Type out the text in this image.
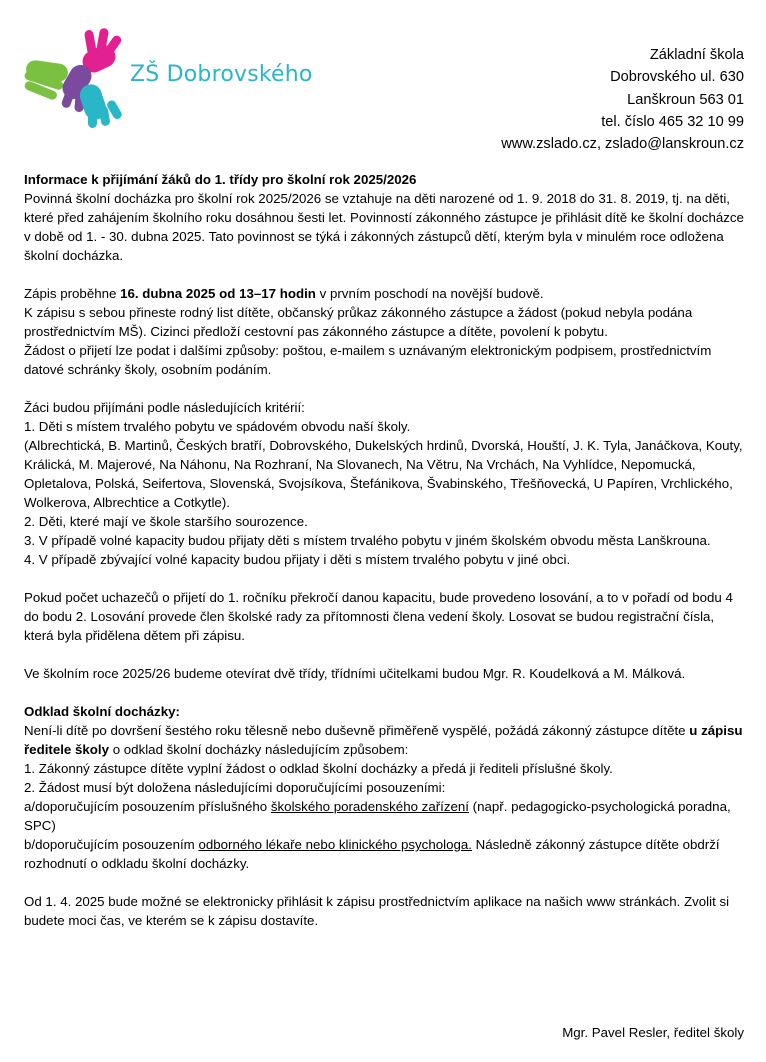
ZŠ Dobrovského
Základní škola
Dobrovského ul. 630
Lanškroun 563 01
tel. číslo 465 32 10 99
www.zslado.cz, zslado@lanskroun.cz

Informace k přijímání žáků do 1. třídy pro školní rok 2025/2026

Povinná školní docházka pro školní rok 2025/2026 se vztahuje na děti narozené od 1. 9. 2018 do 31. 8. 2019, tj. na děti, které před zahájením školního roku dosáhnou šesti let. Povinností zákonného zástupce je přihlásit dítě ke školní docházce v době od 1. - 30. dubna 2025. Tato povinnost se týká i zákonných zástupců dětí, kterým byla v minulém roce odložena školní docházka.

Zápis proběhne 16. dubna 2025 od 13–17 hodin v prvním poschodí na novější budově.

K zápisu s sebou přineste rodný list dítěte, občanský průkaz zákonného zástupce a žádost (pokud nebyla podána prostřednictvím MŠ). Cizinci předloží cestovní pas zákonného zástupce a dítěte, povolení k pobytu.

Žádost o přijetí lze podat i dalšími způsoby: poštou, e-mailem s uznávaným elektronickým podpisem, prostřednictvím datové schránky školy, osobním podáním.

Žáci budou přijímáni podle následujících kritérií:

1. Děti s místem trvalého pobytu ve spádovém obvodu naší školy.

(Albrechtická, B. Martinů, Českých bratří, Dobrovského, Dukelských hrdinů, Dvorská, Houští, J. K. Tyla, Janáčkova, Kouty, Králická, M. Majerové, Na Náhonu, Na Rozhraní, Na Slovanech, Na Větru, Na Vrchách, Na Vyhlídce, Nepomucká, Opletalova, Polská, Seifertova, Slovenská, Svojsíkova, Štefánikova, Švabinského, Třešňovecká, U Papíren, Vrchlického, Wolkerova, Albrechtice a Cotkytle).

2. Děti, které mají ve škole staršího sourozence.

3. V případě volné kapacity budou přijaty děti s místem trvalého pobytu v jiném školském obvodu města Lanškrouna.

4. V případě zbývající volné kapacity budou přijaty i děti s místem trvalého pobytu v jiné obci.

Pokud počet uchazečů o přijetí do 1. ročníku překročí danou kapacitu, bude provedeno losování, a to v pořadí od bodu 4 do bodu 2. Losování provede člen školské rady za přítomnosti člena vedení školy. Losovat se budou registrační čísla, která byla přidělena dětem při zápisu.

Ve školním roce 2025/26 budeme otevírat dvě třídy, třídními učitelkami budou Mgr. R. Koudelková a M. Málková.

Odklad školní docházky:

Není-li dítě po dovršení šestého roku tělesně nebo duševně přiměřeně vyspělé, požádá zákonný zástupce dítěte u zápisu ředitele školy o odklad školní docházky následujícím způsobem:

1. Zákonný zástupce dítěte vyplní žádost o odklad školní docházky a předá ji řediteli příslušné školy.

2. Žádost musí být doložena následujícími doporučujícími posouzeními:

a/doporučujícím posouzením příslušného školského poradenského zařízení (např. pedagogicko-psychologická poradna, SPC)

b/doporučujícím posouzením odborného lékaře nebo klinického psychologa. Následně zákonný zástupce dítěte obdrží rozhodnutí o odkladu školní docházky.

Od 1. 4. 2025 bude možné se elektronicky přihlásit k zápisu prostřednictvím aplikace na našich www stránkách. Zvolit si budete moci čas, ve kterém se k zápisu dostavíte.

Mgr. Pavel Resler, ředitel školy
